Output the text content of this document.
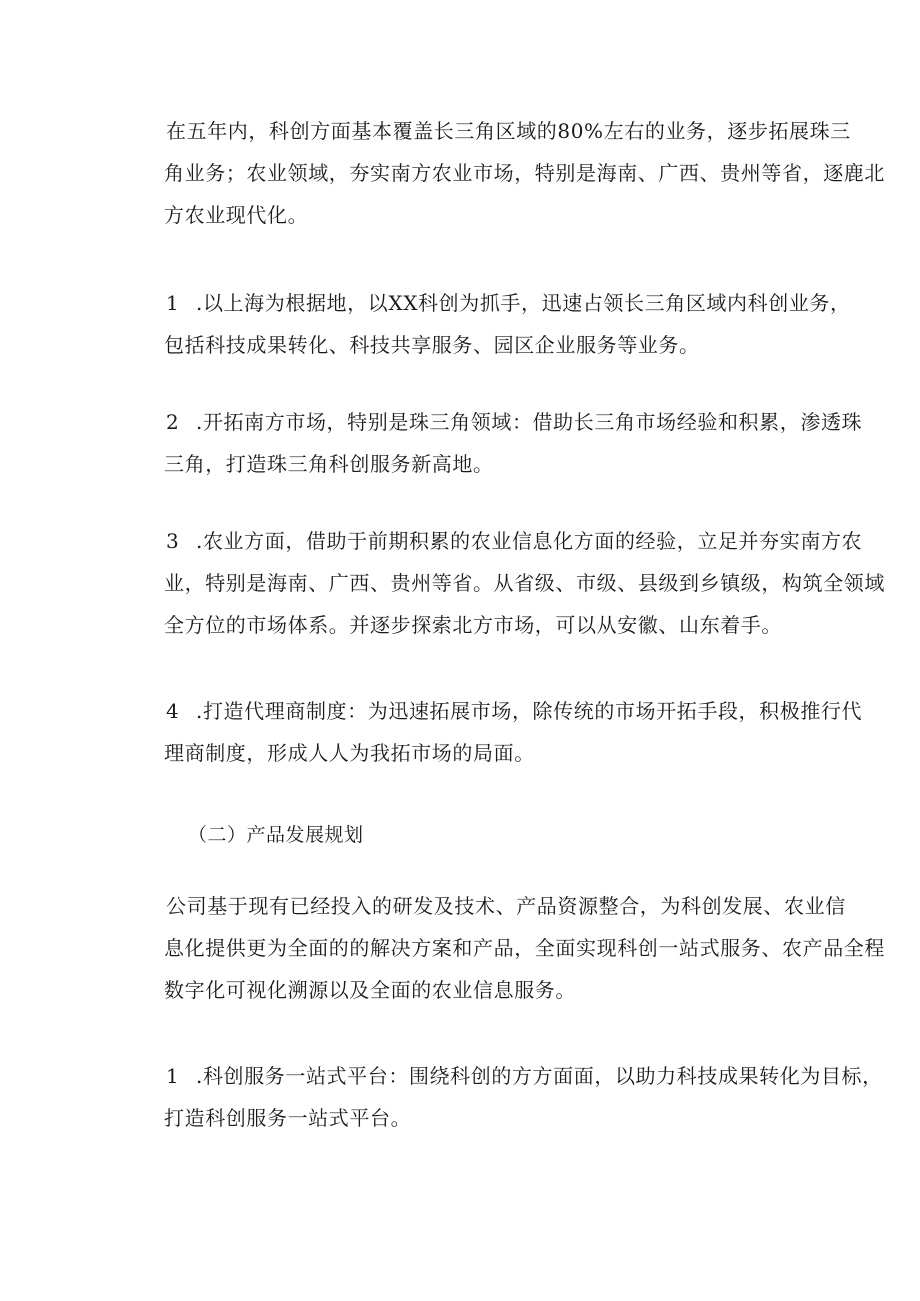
在五年内，科创方面基本覆盖长三角区域的80%左右的业务，逐步拓展珠三
角业务；农业领域，夯实南方农业市场，特别是海南、广西、贵州等省，逐鹿北
方农业现代化。
1 .以上海为根据地，以XX科创为抓手，迅速占领长三角区域内科创业务，
包括科技成果转化、科技共享服务、园区企业服务等业务。
2 .开拓南方市场，特别是珠三角领域：借助长三角市场经验和积累，渗透珠
三角，打造珠三角科创服务新高地。
3 .农业方面，借助于前期积累的农业信息化方面的经验，立足并夯实南方农
业，特别是海南、广西、贵州等省。从省级、市级、县级到乡镇级，构筑全领域
全方位的市场体系。并逐步探索北方市场，可以从安徽、山东着手。
4 .打造代理商制度：为迅速拓展市场，除传统的市场开拓手段，积极推行代
理商制度，形成人人为我拓市场的局面。

（二）产品发展规划

公司基于现有已经投入的研发及技术、产品资源整合，为科创发展、农业信
息化提供更为全面的的解决方案和产品，全面实现科创一站式服务、农产品全程
数字化可视化溯源以及全面的农业信息服务。
1 .科创服务一站式平台：围绕科创的方方面面，以助力科技成果转化为目标，
打造科创服务一站式平台。
